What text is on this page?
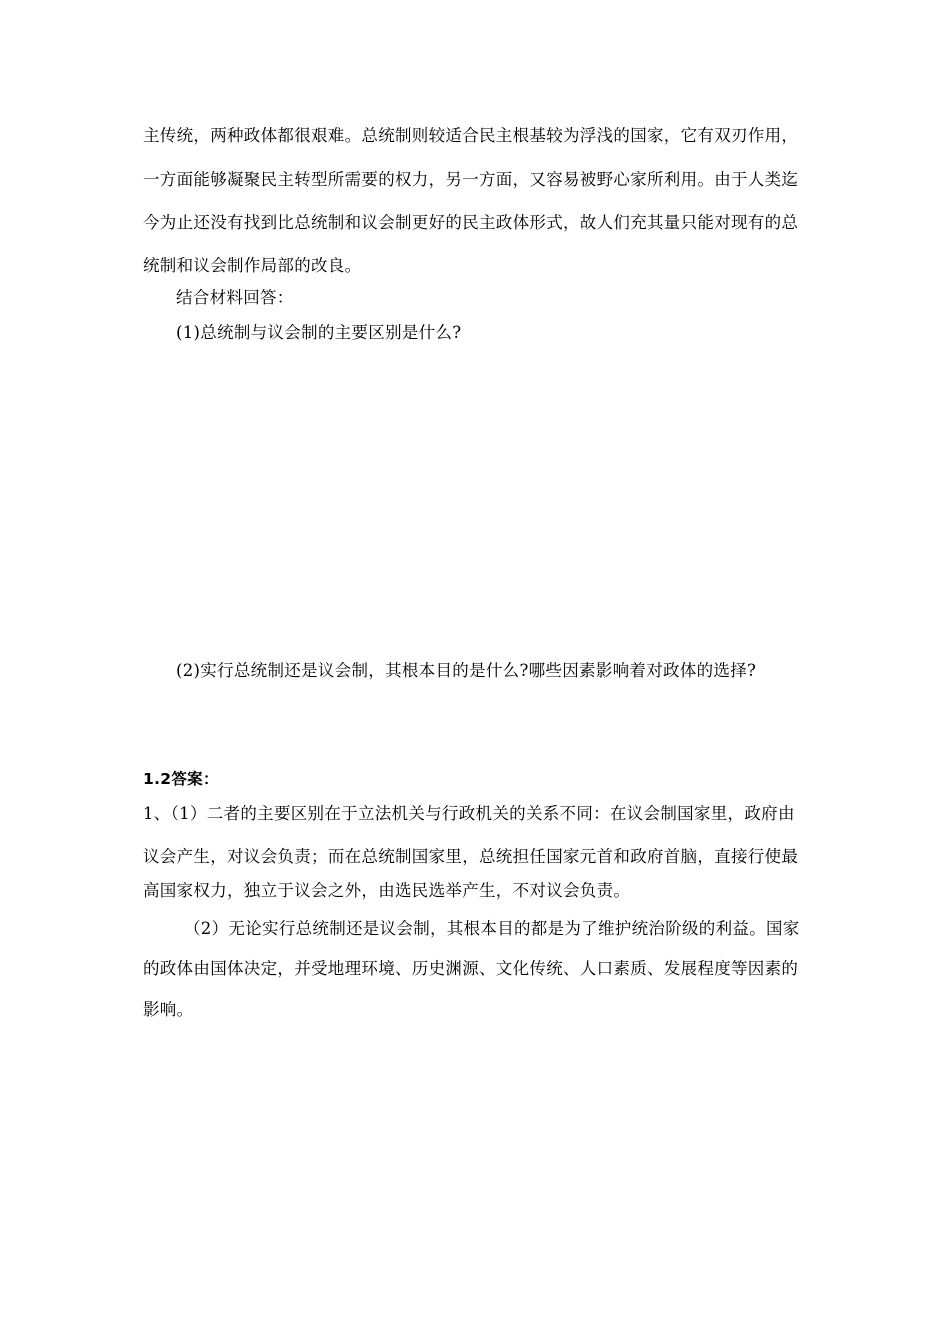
主传统，两种政体都很艰难。总统制则较适合民主根基较为浮浅的国家，它有双刃作用，
一方面能够凝聚民主转型所需要的权力，另一方面，又容易被野心家所利用。由于人类迄
今为止还没有找到比总统制和议会制更好的民主政体形式，故人们充其量只能对现有的总
统制和议会制作局部的改良。
结合材料回答：
(1)总统制与议会制的主要区别是什么?
(2)实行总统制还是议会制，其根本目的是什么?哪些因素影响着对政体的选择?
1.2答案：
1、（1）二者的主要区别在于立法机关与行政机关的关系不同：在议会制国家里，政府由
议会产生，对议会负责；而在总统制国家里，总统担任国家元首和政府首脑，直接行使最
高国家权力，独立于议会之外，由选民选举产生，不对议会负责。
（2）无论实行总统制还是议会制，其根本目的都是为了维护统治阶级的利益。国家
的政体由国体决定，并受地理环境、历史渊源、文化传统、人口素质、发展程度等因素的
影响。
